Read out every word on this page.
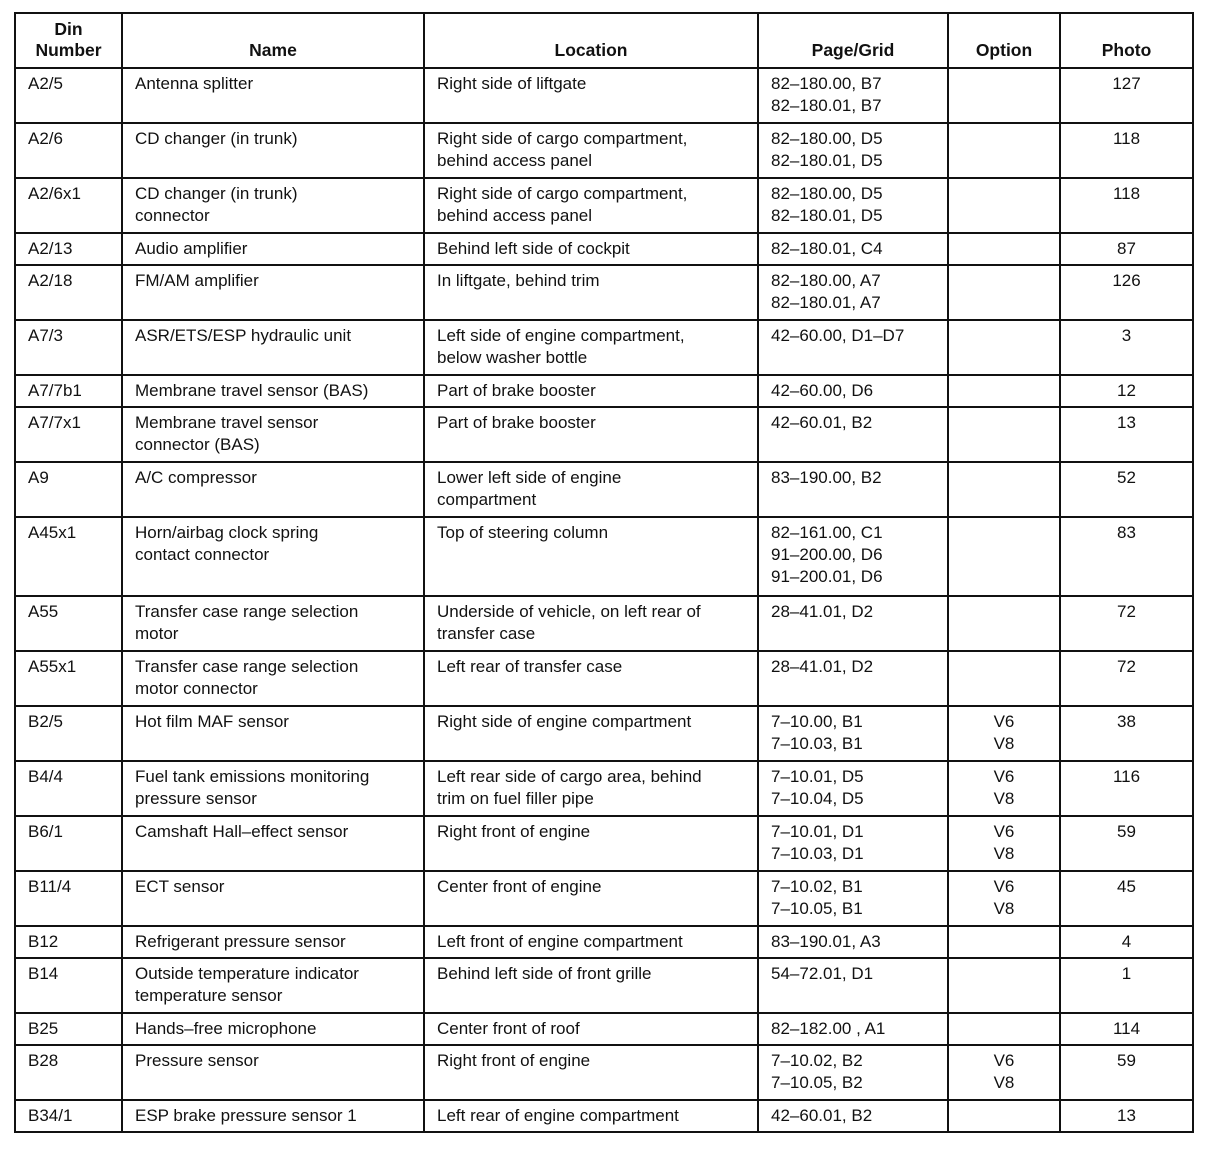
Din
Number	Name	Location	Page/Grid	Option	Photo

A2/5	Antenna splitter	Right side of liftgate	82–180.00, B7
82–180.01, B7		127

A2/6	CD changer (in trunk)	Right side of cargo compartment,
behind access panel	82–180.00, D5
82–180.01, D5		118

A2/6x1	CD changer (in trunk)
connector	Right side of cargo compartment,
behind access panel	82–180.00, D5
82–180.01, D5		118

A2/13	Audio amplifier	Behind left side of cockpit	82–180.01, C4		87

A2/18	FM/AM amplifier	In liftgate, behind trim	82–180.00, A7
82–180.01, A7		126

A7/3	ASR/ETS/ESP hydraulic unit	Left side of engine compartment,
below washer bottle	42–60.00, D1–D7		3

A7/7b1	Membrane travel sensor (BAS)	Part of brake booster	42–60.00, D6		12

A7/7x1	Membrane travel sensor
connector (BAS)	Part of brake booster	42–60.01, B2		13

A9	A/C compressor	Lower left side of engine
compartment	83–190.00, B2		52

A45x1	Horn/airbag clock spring
contact connector	Top of steering column	82–161.00, C1
91–200.00, D6
91–200.01, D6		83

A55	Transfer case range selection
motor	Underside of vehicle, on left rear of
transfer case	28–41.01, D2		72

A55x1	Transfer case range selection
motor connector	Left rear of transfer case	28–41.01, D2		72

B2/5	Hot film MAF sensor	Right side of engine compartment	7–10.00, B1
7–10.03, B1	V6
V8	38

B4/4	Fuel tank emissions monitoring
pressure sensor	Left rear side of cargo area, behind
trim on fuel filler pipe	7–10.01, D5
7–10.04, D5	V6
V8	116

B6/1	Camshaft Hall–effect sensor	Right front of engine	7–10.01, D1
7–10.03, D1	V6
V8	59

B11/4	ECT sensor	Center front of engine	7–10.02, B1
7–10.05, B1	V6
V8	45

B12	Refrigerant pressure sensor	Left front of engine compartment	83–190.01, A3		4

B14	Outside temperature indicator
temperature sensor	Behind left side of front grille	54–72.01, D1		1

B25	Hands–free microphone	Center front of roof	82–182.00 , A1		114

B28	Pressure sensor	Right front of engine	7–10.02, B2
7–10.05, B2	V6
V8	59

B34/1	ESP brake pressure sensor 1	Left rear of engine compartment	42–60.01, B2		13
